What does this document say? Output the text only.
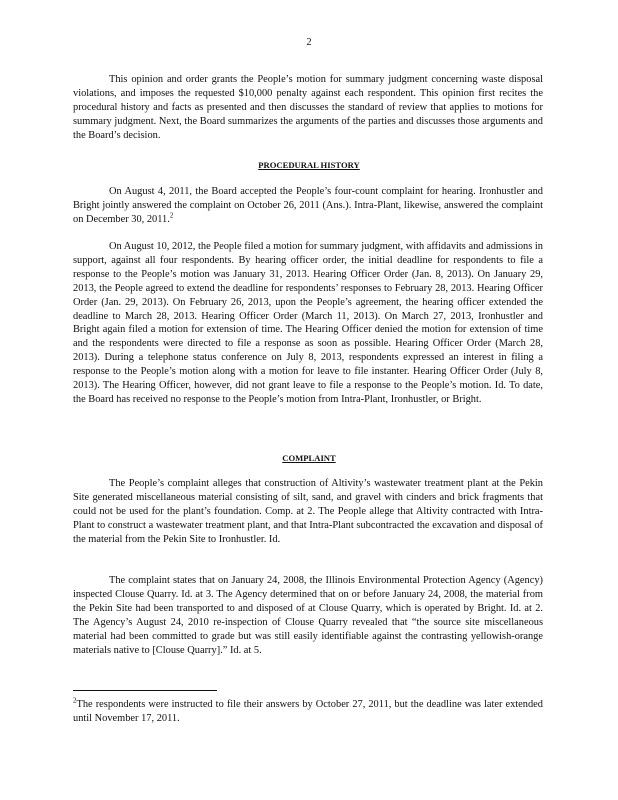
2

This opinion and order grants the People’s motion for summary judgment concerning waste disposal violations, and imposes the requested $10,000 penalty against each respondent. This opinion first recites the procedural history and facts as presented and then discusses the standard of review that applies to motions for summary judgment. Next, the Board summarizes the arguments of the parties and discusses those arguments and the Board’s decision.

PROCEDURAL HISTORY

On August 4, 2011, the Board accepted the People’s four-count complaint for hearing. Ironhustler and Bright jointly answered the complaint on October 26, 2011 (Ans.). Intra-Plant, likewise, answered the complaint on December 30, 2011.$^2$

On August 10, 2012, the People filed a motion for summary judgment, with affidavits and admissions in support, against all four respondents. By hearing officer order, the initial deadline for respondents to file a response to the People’s motion was January 31, 2013. Hearing Officer Order (Jan. 8, 2013). On January 29, 2013, the People agreed to extend the deadline for respondents’ responses to February 28, 2013. Hearing Officer Order (Jan. 29, 2013). On February 26, 2013, upon the People’s agreement, the hearing officer extended the deadline to March 28, 2013. Hearing Officer Order (March 11, 2013). On March 27, 2013, Ironhustler and Bright again filed a motion for extension of time. The Hearing Officer denied the motion for extension of time and the respondents were directed to file a response as soon as possible. Hearing Officer Order (March 28, 2013). During a telephone status conference on July 8, 2013, respondents expressed an interest in filing a response to the People’s motion along with a motion for leave to file instanter. Hearing Officer Order (July 8, 2013). The Hearing Officer, however, did not grant leave to file a response to the People’s motion. Id. To date, the Board has received no response to the People’s motion from Intra-Plant, Ironhustler, or Bright.

COMPLAINT

The People’s complaint alleges that construction of Altivity’s wastewater treatment plant at the Pekin Site generated miscellaneous material consisting of silt, sand, and gravel with cinders and brick fragments that could not be used for the plant’s foundation. Comp. at 2. The People allege that Altivity contracted with Intra-Plant to construct a wastewater treatment plant, and that Intra-Plant subcontracted the excavation and disposal of the material from the Pekin Site to Ironhustler. Id.

The complaint states that on January 24, 2008, the Illinois Environmental Protection Agency (Agency) inspected Clouse Quarry. Id. at 3. The Agency determined that on or before January 24, 2008, the material from the Pekin Site had been transported to and disposed of at Clouse Quarry, which is operated by Bright. Id. at 2. The Agency’s August 24, 2010 re-inspection of Clouse Quarry revealed that “the source site miscellaneous material had been committed to grade but was still easily identifiable against the contrasting yellowish-orange materials native to [Clouse Quarry].” Id. at 5.

$^2$The respondents were instructed to file their answers by October 27, 2011, but the deadline was later extended until November 17, 2011.
